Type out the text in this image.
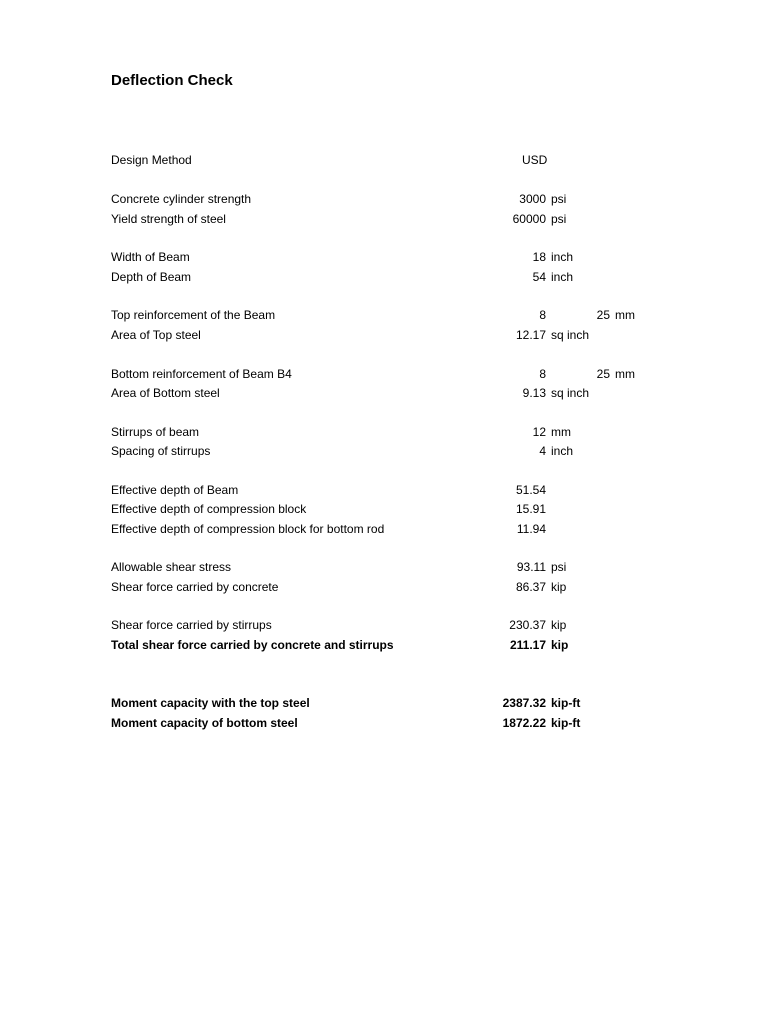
Deflection Check
Design Method	USD
Concrete cylinder strength	3000 psi
Yield strength of steel	60000 psi
Width of Beam	18 inch
Depth of Beam	54 inch
Top reinforcement of the Beam	8	25 mm
Area of Top steel	12.17 sq inch
Bottom reinforcement of Beam B4	8	25 mm
Area of Bottom steel	9.13 sq inch
Stirrups of beam	12 mm
Spacing of stirrups	4 inch
Effective depth of Beam	51.54
Effective depth of compression block	15.91
Effective depth of compression block for bottom rod	11.94
Allowable shear stress	93.11 psi
Shear force carried by concrete	86.37 kip
Shear force carried by stirrups	230.37 kip
Total shear force carried by concrete and stirrups	211.17 kip
Moment capacity with the top steel	2387.32 kip-ft
Moment capacity of bottom steel	1872.22 kip-ft
